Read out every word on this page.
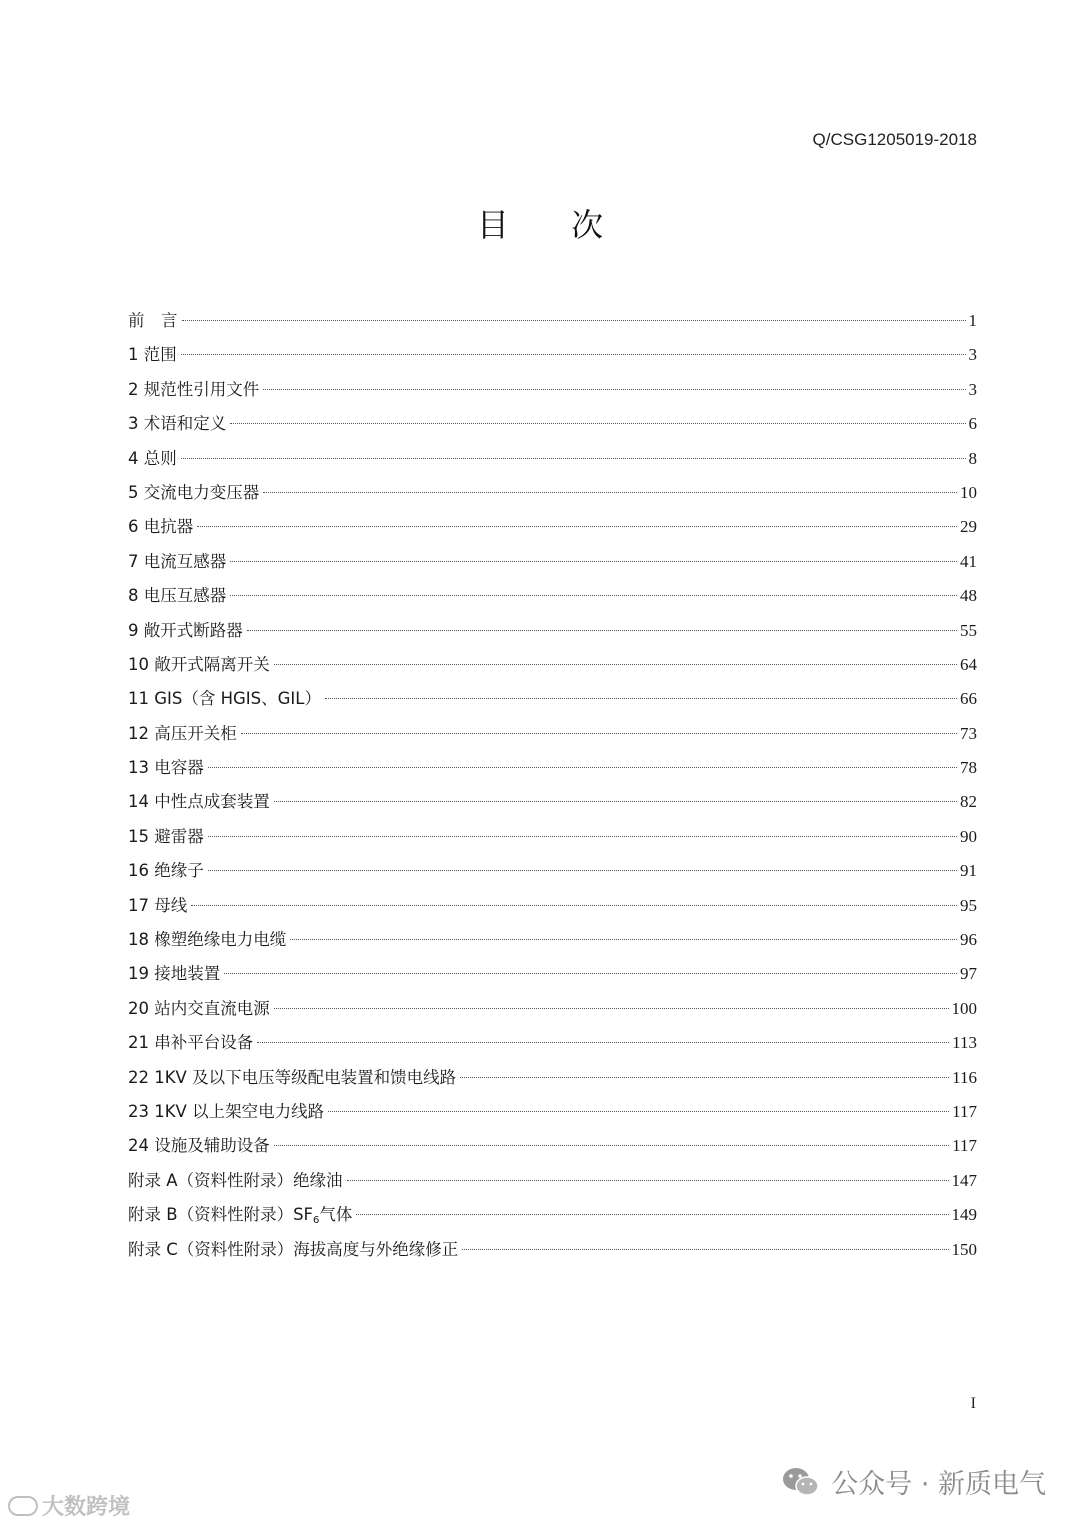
Q/CSG1205019-2018
目 次
前　言	1
1 范围	3
2 规范性引用文件	3
3 术语和定义	6
4 总则	8
5 交流电力变压器	10
6 电抗器	29
7 电流互感器	41
8 电压互感器	48
9 敞开式断路器	55
10 敞开式隔离开关	64
11 GIS（含 HGIS、GIL）	66
12 高压开关柜	73
13 电容器	78
14 中性点成套装置	82
15 避雷器	90
16 绝缘子	91
17 母线	95
18 橡塑绝缘电力电缆	96
19 接地装置	97
20 站内交直流电源	100
21 串补平台设备	113
22 1KV 及以下电压等级配电装置和馈电线路	116
23 1KV 以上架空电力线路	117
24 设施及辅助设备	117
附录 A（资料性附录）绝缘油	147
附录 B（资料性附录）$SF_6$气体	149
附录 C（资料性附录）海拔高度与外绝缘修正	150
I
大数跨境
公众号 · 新质电气
